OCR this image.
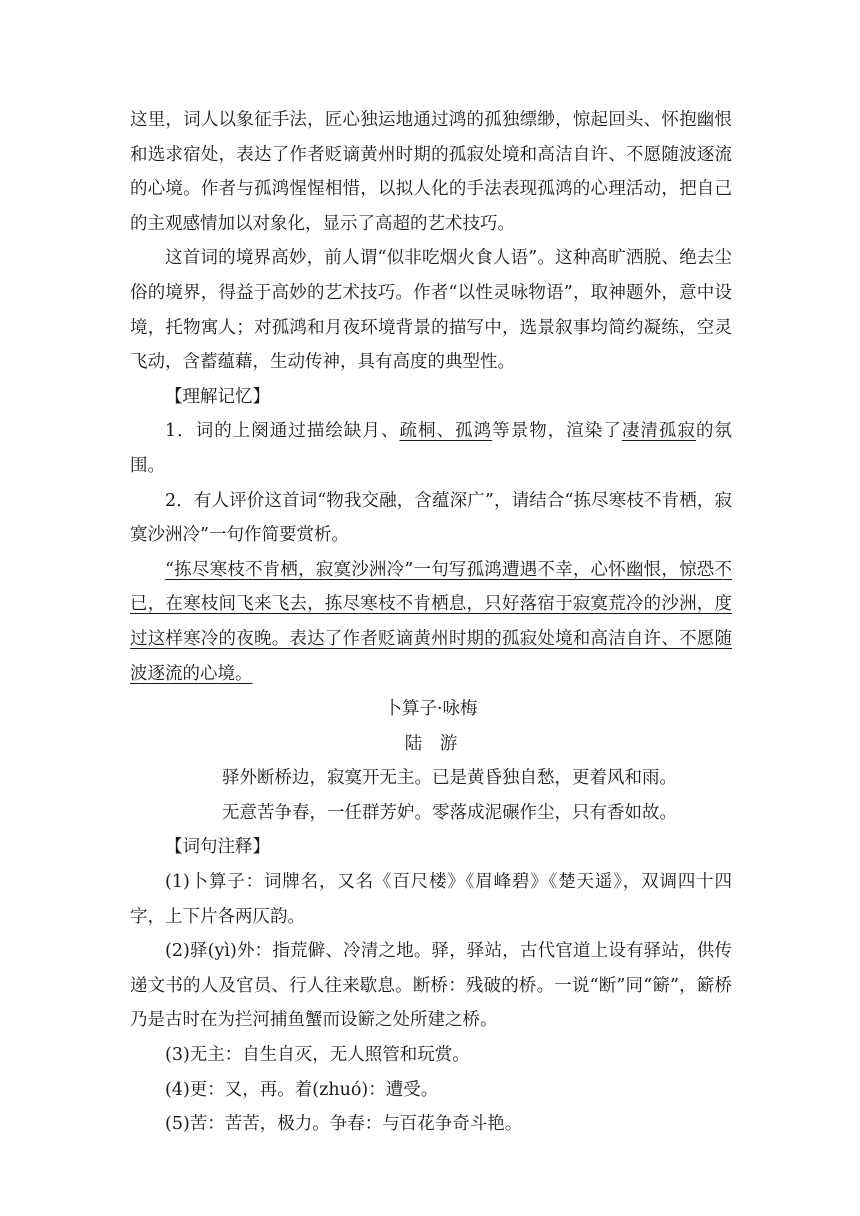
这里，词人以象征手法，匠心独运地通过鸿的孤独缥缈，惊起回头、怀抱幽恨和选求宿处，表达了作者贬谪黄州时期的孤寂处境和高洁自许、不愿随波逐流的心境。作者与孤鸿惺惺相惜，以拟人化的手法表现孤鸿的心理活动，把自己的主观感情加以对象化，显示了高超的艺术技巧。

这首词的境界高妙，前人谓“似非吃烟火食人语”。这种高旷洒脱、绝去尘俗的境界，得益于高妙的艺术技巧。作者“以性灵咏物语”，取神题外，意中设境，托物寓人；对孤鸿和月夜环境背景的描写中，选景叙事均简约凝练，空灵飞动，含蓄蕴藉，生动传神，具有高度的典型性。

【理解记忆】

1．词的上阕通过描绘缺月、疏桐、孤鸿等景物，渲染了凄清孤寂的氛围。

2．有人评价这首词“物我交融，含蕴深广”，请结合“拣尽寒枝不肯栖，寂寞沙洲冷”一句作简要赏析。

“拣尽寒枝不肯栖，寂寞沙洲冷”一句写孤鸿遭遇不幸，心怀幽恨，惊恐不已，在寒枝间飞来飞去，拣尽寒枝不肯栖息，只好落宿于寂寞荒冷的沙洲，度过这样寒冷的夜晚。表达了作者贬谪黄州时期的孤寂处境和高洁自许、不愿随波逐流的心境。

卜算子·咏梅

陆　游

驿外断桥边，寂寞开无主。已是黄昏独自愁，更着风和雨。

无意苦争春，一任群芳妒。零落成泥碾作尘，只有香如故。

【词句注释】

(1)卜算子：词牌名，又名《百尺楼》《眉峰碧》《楚天遥》，双调四十四字，上下片各两仄韵。

(2)驿(yì)外：指荒僻、冷清之地。驿，驿站，古代官道上设有驿站，供传递文书的人及官员、行人往来歇息。断桥：残破的桥。一说“断”同“簖”，簖桥乃是古时在为拦河捕鱼蟹而设簖之处所建之桥。

(3)无主：自生自灭，无人照管和玩赏。

(4)更：又，再。着(zhuó)：遭受。

(5)苦：苦苦，极力。争春：与百花争奇斗艳。
